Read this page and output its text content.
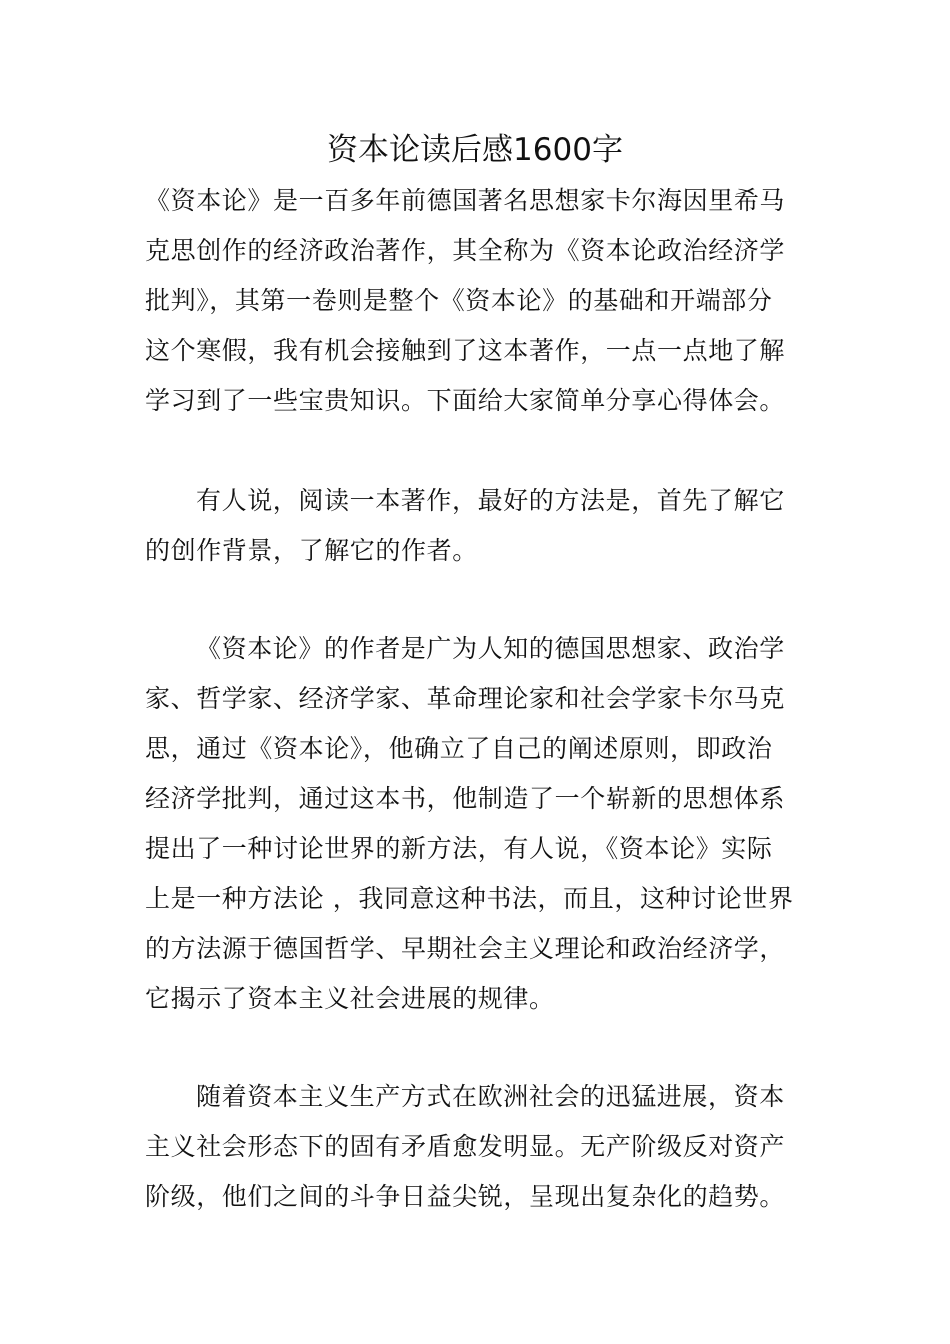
资本论读后感1600字
《资本论》是一百多年前德国著名思想家卡尔海因里希马
克思创作的经济政治著作，其全称为《资本论政治经济学
批判》，其第一卷则是整个《资本论》的基础和开端部分
这个寒假，我有机会接触到了这本著作，一点一点地了解
学习到了一些宝贵知识。下面给大家简单分享心得体会。
有人说，阅读一本著作，最好的方法是，首先了解它
的创作背景，了解它的作者。
《资本论》的作者是广为人知的德国思想家、政治学
家、哲学家、经济学家、革命理论家和社会学家卡尔马克
思，通过《资本论》，他确立了自己的阐述原则，即政治
经济学批判，通过这本书，他制造了一个崭新的思想体系
提出了一种讨论世界的新方法，有人说，《资本论》实际
上是一种方法论 ，我同意这种书法，而且，这种讨论世界
的方法源于德国哲学、早期社会主义理论和政治经济学，
它揭示了资本主义社会进展的规律。
随着资本主义生产方式在欧洲社会的迅猛进展，资本
主义社会形态下的固有矛盾愈发明显。无产阶级反对资产
阶级，他们之间的斗争日益尖锐，呈现出复杂化的趋势。
